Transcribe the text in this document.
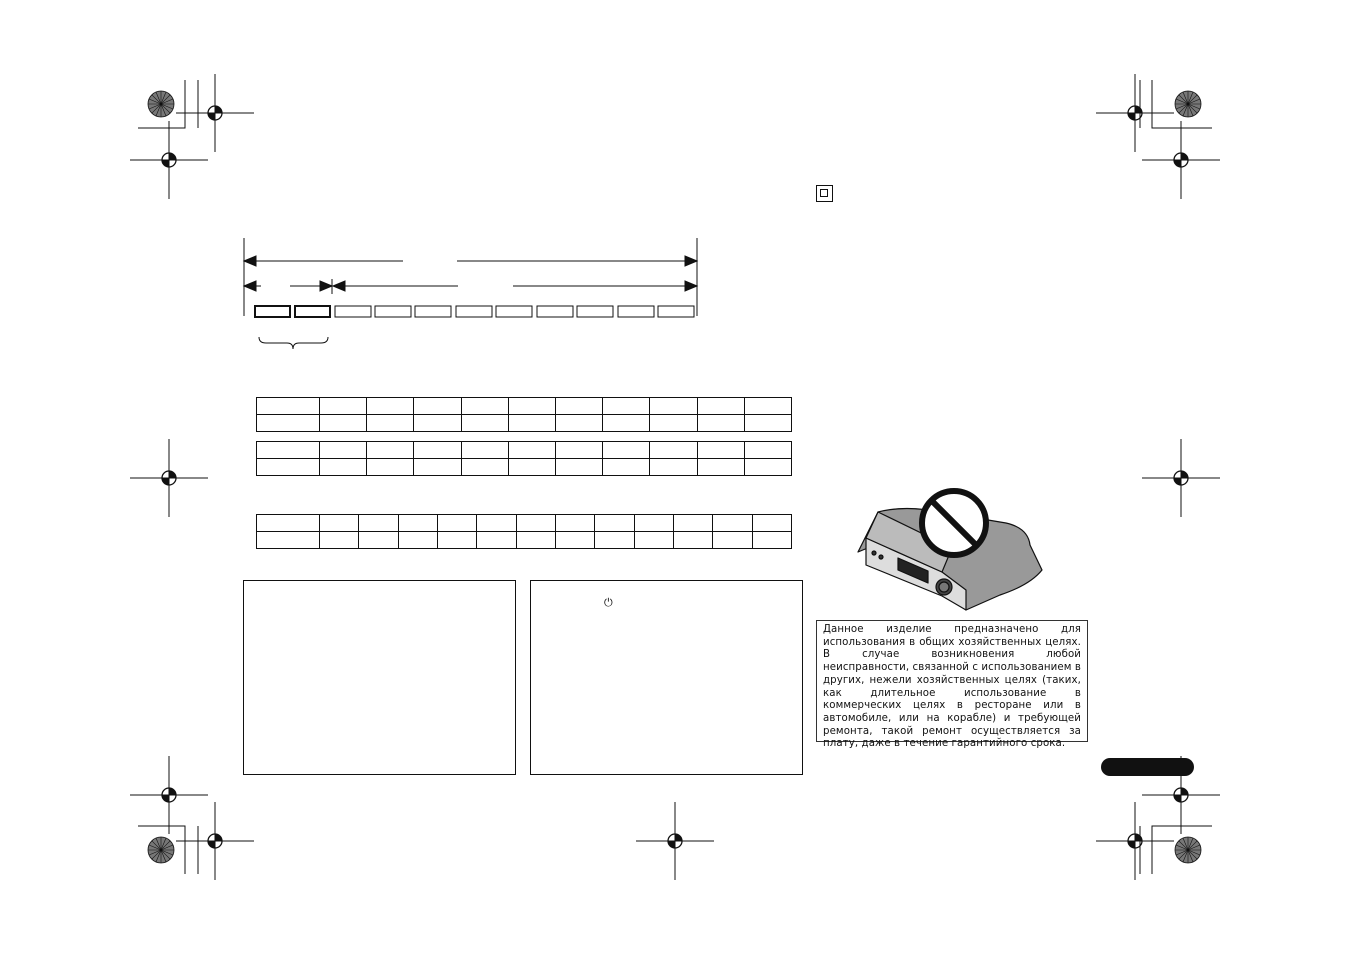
⏻
Данное изделие предназначено для использования в общих хозяйственных целях. В случае возникновения любой неисправности, связанной с использованием в других, нежели хозяйственных целях (таких, как длительное использование в коммерческих целях в ресторане или в автомобиле, или на корабле) и требующей ремонта, такой ремонт осуществляется за плату, даже в течение гарантийного срока.
